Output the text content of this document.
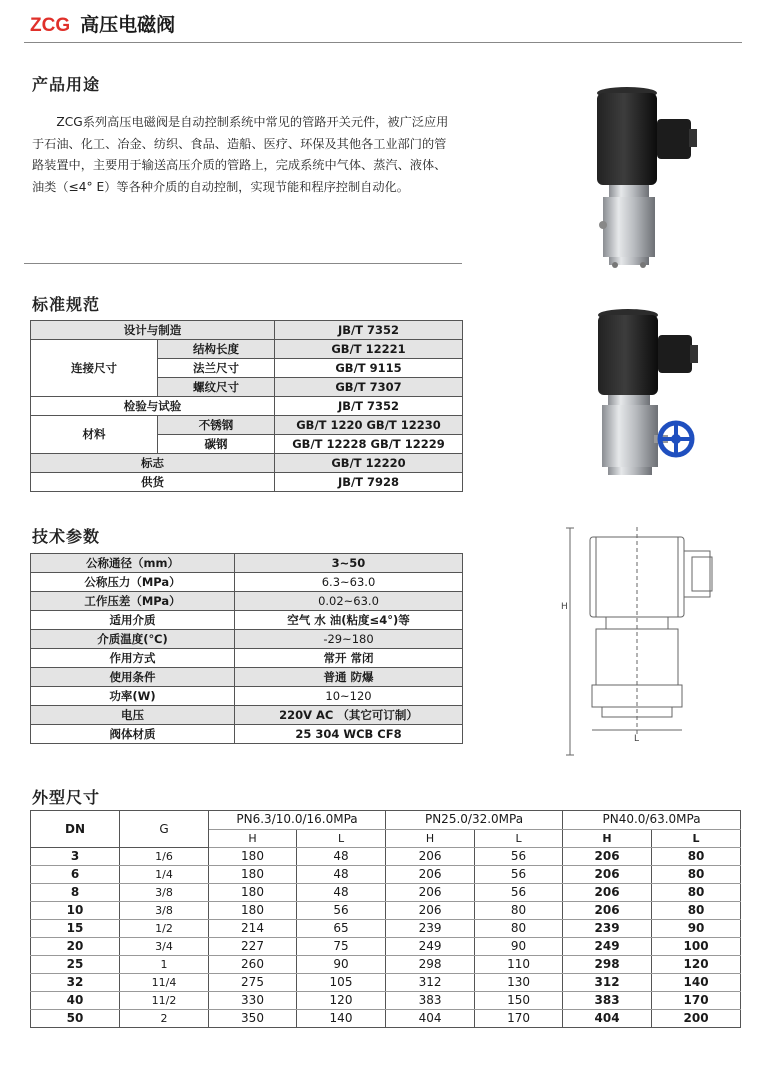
ZCG 高压电磁阀
产品用途
ZCG系列高压电磁阀是自动控制系统中常见的管路开关元件，被广泛应用于石油、化工、冶金、纺织、食品、造船、医疗、环保及其他各工业部门的管路装置中，主要用于输送高压介质的管路上，完成系统中气体、蒸汽、液体、油类（≤4° E）等各种介质的自动控制，实现节能和程序控制自动化。
标准规范
设计与制造		JB/T 7352
连接尺寸	结构长度	GB/T 12221
	法兰尺寸	GB/T 9115
	螺纹尺寸	GB/T 7307
检验与试验		JB/T 7352
材料	不锈钢	GB/T 1220 GB/T 12230
	碳钢	GB/T 12228 GB/T 12229
标志		GB/T 12220
供货		JB/T 7928
技术参数
公称通径（mm）	3~50
公称压力（MPa）	6.3~63.0
工作压差（MPa）	0.02~63.0
适用介质	空气 水 油(粘度≤4°)等
介质温度(℃)	-29~180
作用方式	常开 常闭
使用条件	普通 防爆
功率(W)	10~120
电压	220V AC （其它可订制）
阀体材质	25 304 WCB CF8
H
L
外型尺寸
DN	G	PN6.3/10.0/16.0MPa		PN25.0/32.0MPa		PN40.0/63.0MPa	
		H	L	H	L	H	L
3	1/6	180	48	206	56	206	80
6	1/4	180	48	206	56	206	80
8	3/8	180	48	206	56	206	80
10	3/8	180	56	206	80	206	80
15	1/2	214	65	239	80	239	90
20	3/4	227	75	249	90	249	100
25	1	260	90	298	110	298	120
32	11/4	275	105	312	130	312	140
40	11/2	330	120	383	150	383	170
50	2	350	140	404	170	404	200
